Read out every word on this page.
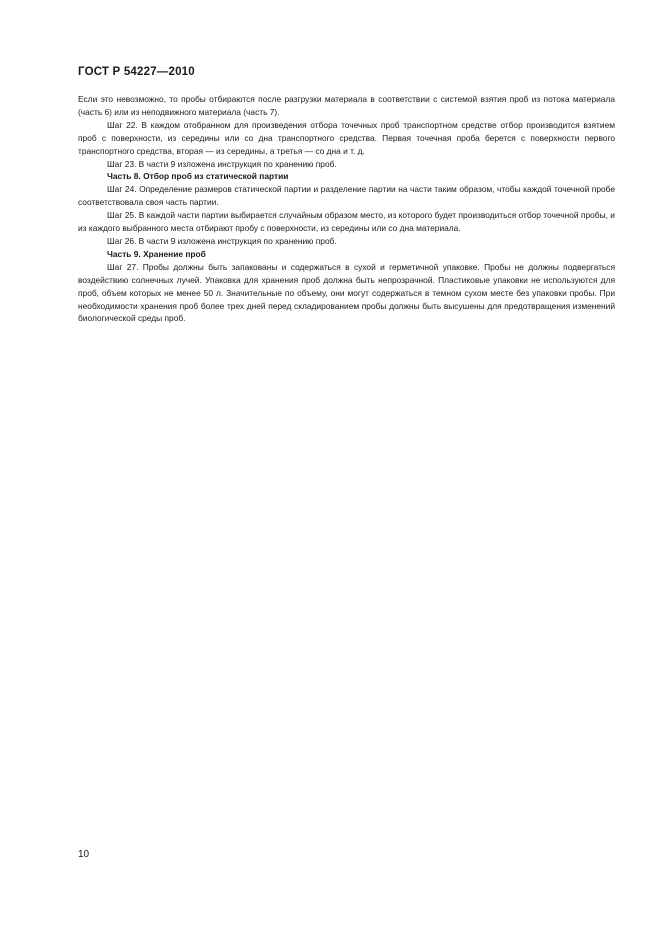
ГОСТ Р 54227—2010

Если это невозможно, то пробы отбираются после разгрузки материала в соответствии с системой взятия проб из потока материала (часть 6) или из неподвижного материала (часть 7).

Шаг 22. В каждом отобранном для произведения отбора точечных проб транспортном средстве отбор производится взятием проб с поверхности, из середины или со дна транспортного средства. Первая точечная проба берется с поверхности первого транспортного средства, вторая — из середины, а третья — со дна и т. д.

Шаг 23. В части 9 изложена инструкция по хранению проб.

Часть 8. Отбор проб из статической партии

Шаг 24. Определение размеров статической партии и разделение партии на части таким образом, чтобы каждой точечной пробе соответствовала своя часть партии.

Шаг 25. В каждой части партии выбирается случайным образом место, из которого будет производиться отбор точечной пробы, и из каждого выбранного места отбирают пробу с поверхности, из середины или со дна материала.

Шаг 26. В части 9 изложена инструкция по хранению проб.

Часть 9. Хранение проб

Шаг 27. Пробы должны быть запакованы и содержаться в сухой и герметичной упаковке. Пробы не должны подвергаться воздействию солнечных лучей. Упаковка для хранения проб должна быть непрозрачной. Пластиковые упаковки не используются для проб, объем которых не менее 50 л. Значительные по объему, они могут содержаться в темном сухом месте без упаковки пробы. При необходимости хранения проб более трех дней перед складированием пробы должны быть высушены для предотвращения изменений биологической среды проб.

10
